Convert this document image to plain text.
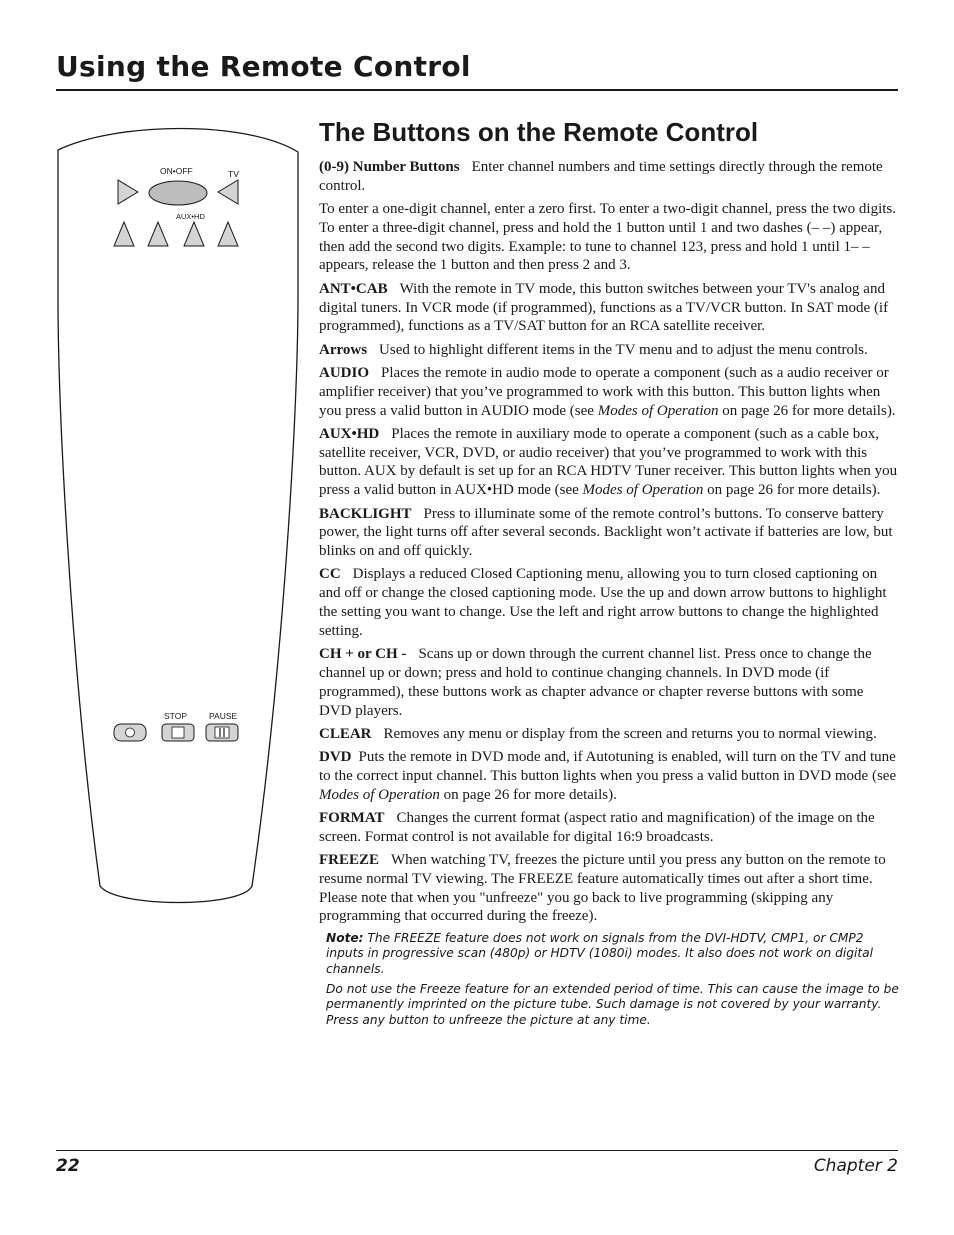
Using the Remote Control
ON•OFF	TV
AUX•HD
STOP	PAUSE
The Buttons on the Remote Control

(0-9) Number Buttons Enter channel numbers and time settings directly through the remote control.

To enter a one-digit channel, enter a zero first. To enter a two-digit channel, press the two digits. To enter a three-digit channel, press and hold the 1 button until 1 and two dashes (– –) appear, then add the second two digits. Example: to tune to channel 123, press and hold 1 until 1– – appears, release the 1 button and then press 2 and 3.

ANT•CAB With the remote in TV mode, this button switches between your TV's analog and digital tuners. In VCR mode (if programmed), functions as a TV/VCR button. In SAT mode (if programmed), functions as a TV/SAT button for an RCA satellite receiver.

Arrows Used to highlight different items in the TV menu and to adjust the menu controls.

AUDIO Places the remote in audio mode to operate a component (such as a audio receiver or amplifier receiver) that you’ve programmed to work with this button. This button lights when you press a valid button in AUDIO mode (see Modes of Operation on page 26 for more details).

AUX•HD Places the remote in auxiliary mode to operate a component (such as a cable box, satellite receiver, VCR, DVD, or audio receiver) that you’ve programmed to work with this button. AUX by default is set up for an RCA HDTV Tuner receiver. This button lights when you press a valid button in AUX•HD mode (see Modes of Operation on page 26 for more details).

BACKLIGHT Press to illuminate some of the remote control’s buttons. To conserve battery power, the light turns off after several seconds. Backlight won’t activate if batteries are low, but blinks on and off quickly.

CC Displays a reduced Closed Captioning menu, allowing you to turn closed captioning on and off or change the closed captioning mode. Use the up and down arrow buttons to highlight the setting you want to change. Use the left and right arrow buttons to change the highlighted setting.

CH + or CH - Scans up or down through the current channel list. Press once to change the channel up or down; press and hold to continue changing channels. In DVD mode (if programmed), these buttons work as chapter advance or chapter reverse buttons with some DVD players.

CLEAR Removes any menu or display from the screen and returns you to normal viewing.

DVD Puts the remote in DVD mode and, if Autotuning is enabled, will turn on the TV and tune to the correct input channel. This button lights when you press a valid button in DVD mode (see Modes of Operation on page 26 for more details).

FORMAT Changes the current format (aspect ratio and magnification) of the image on the screen. Format control is not available for digital 16:9 broadcasts.

FREEZE When watching TV, freezes the picture until you press any button on the remote to resume normal TV viewing. The FREEZE feature automatically times out after a short time. Please note that when you "unfreeze" you go back to live programming (skipping any programming that occurred during the freeze).

Note: The FREEZE feature does not work on signals from the DVI-HDTV, CMP1, or CMP2 inputs in progressive scan (480p) or HDTV (1080i) modes. It also does not work on digital channels.

Do not use the Freeze feature for an extended period of time. This can cause the image to be permanently imprinted on the picture tube. Such damage is not covered by your warranty. Press any button to unfreeze the picture at any time.

22	Chapter 2
